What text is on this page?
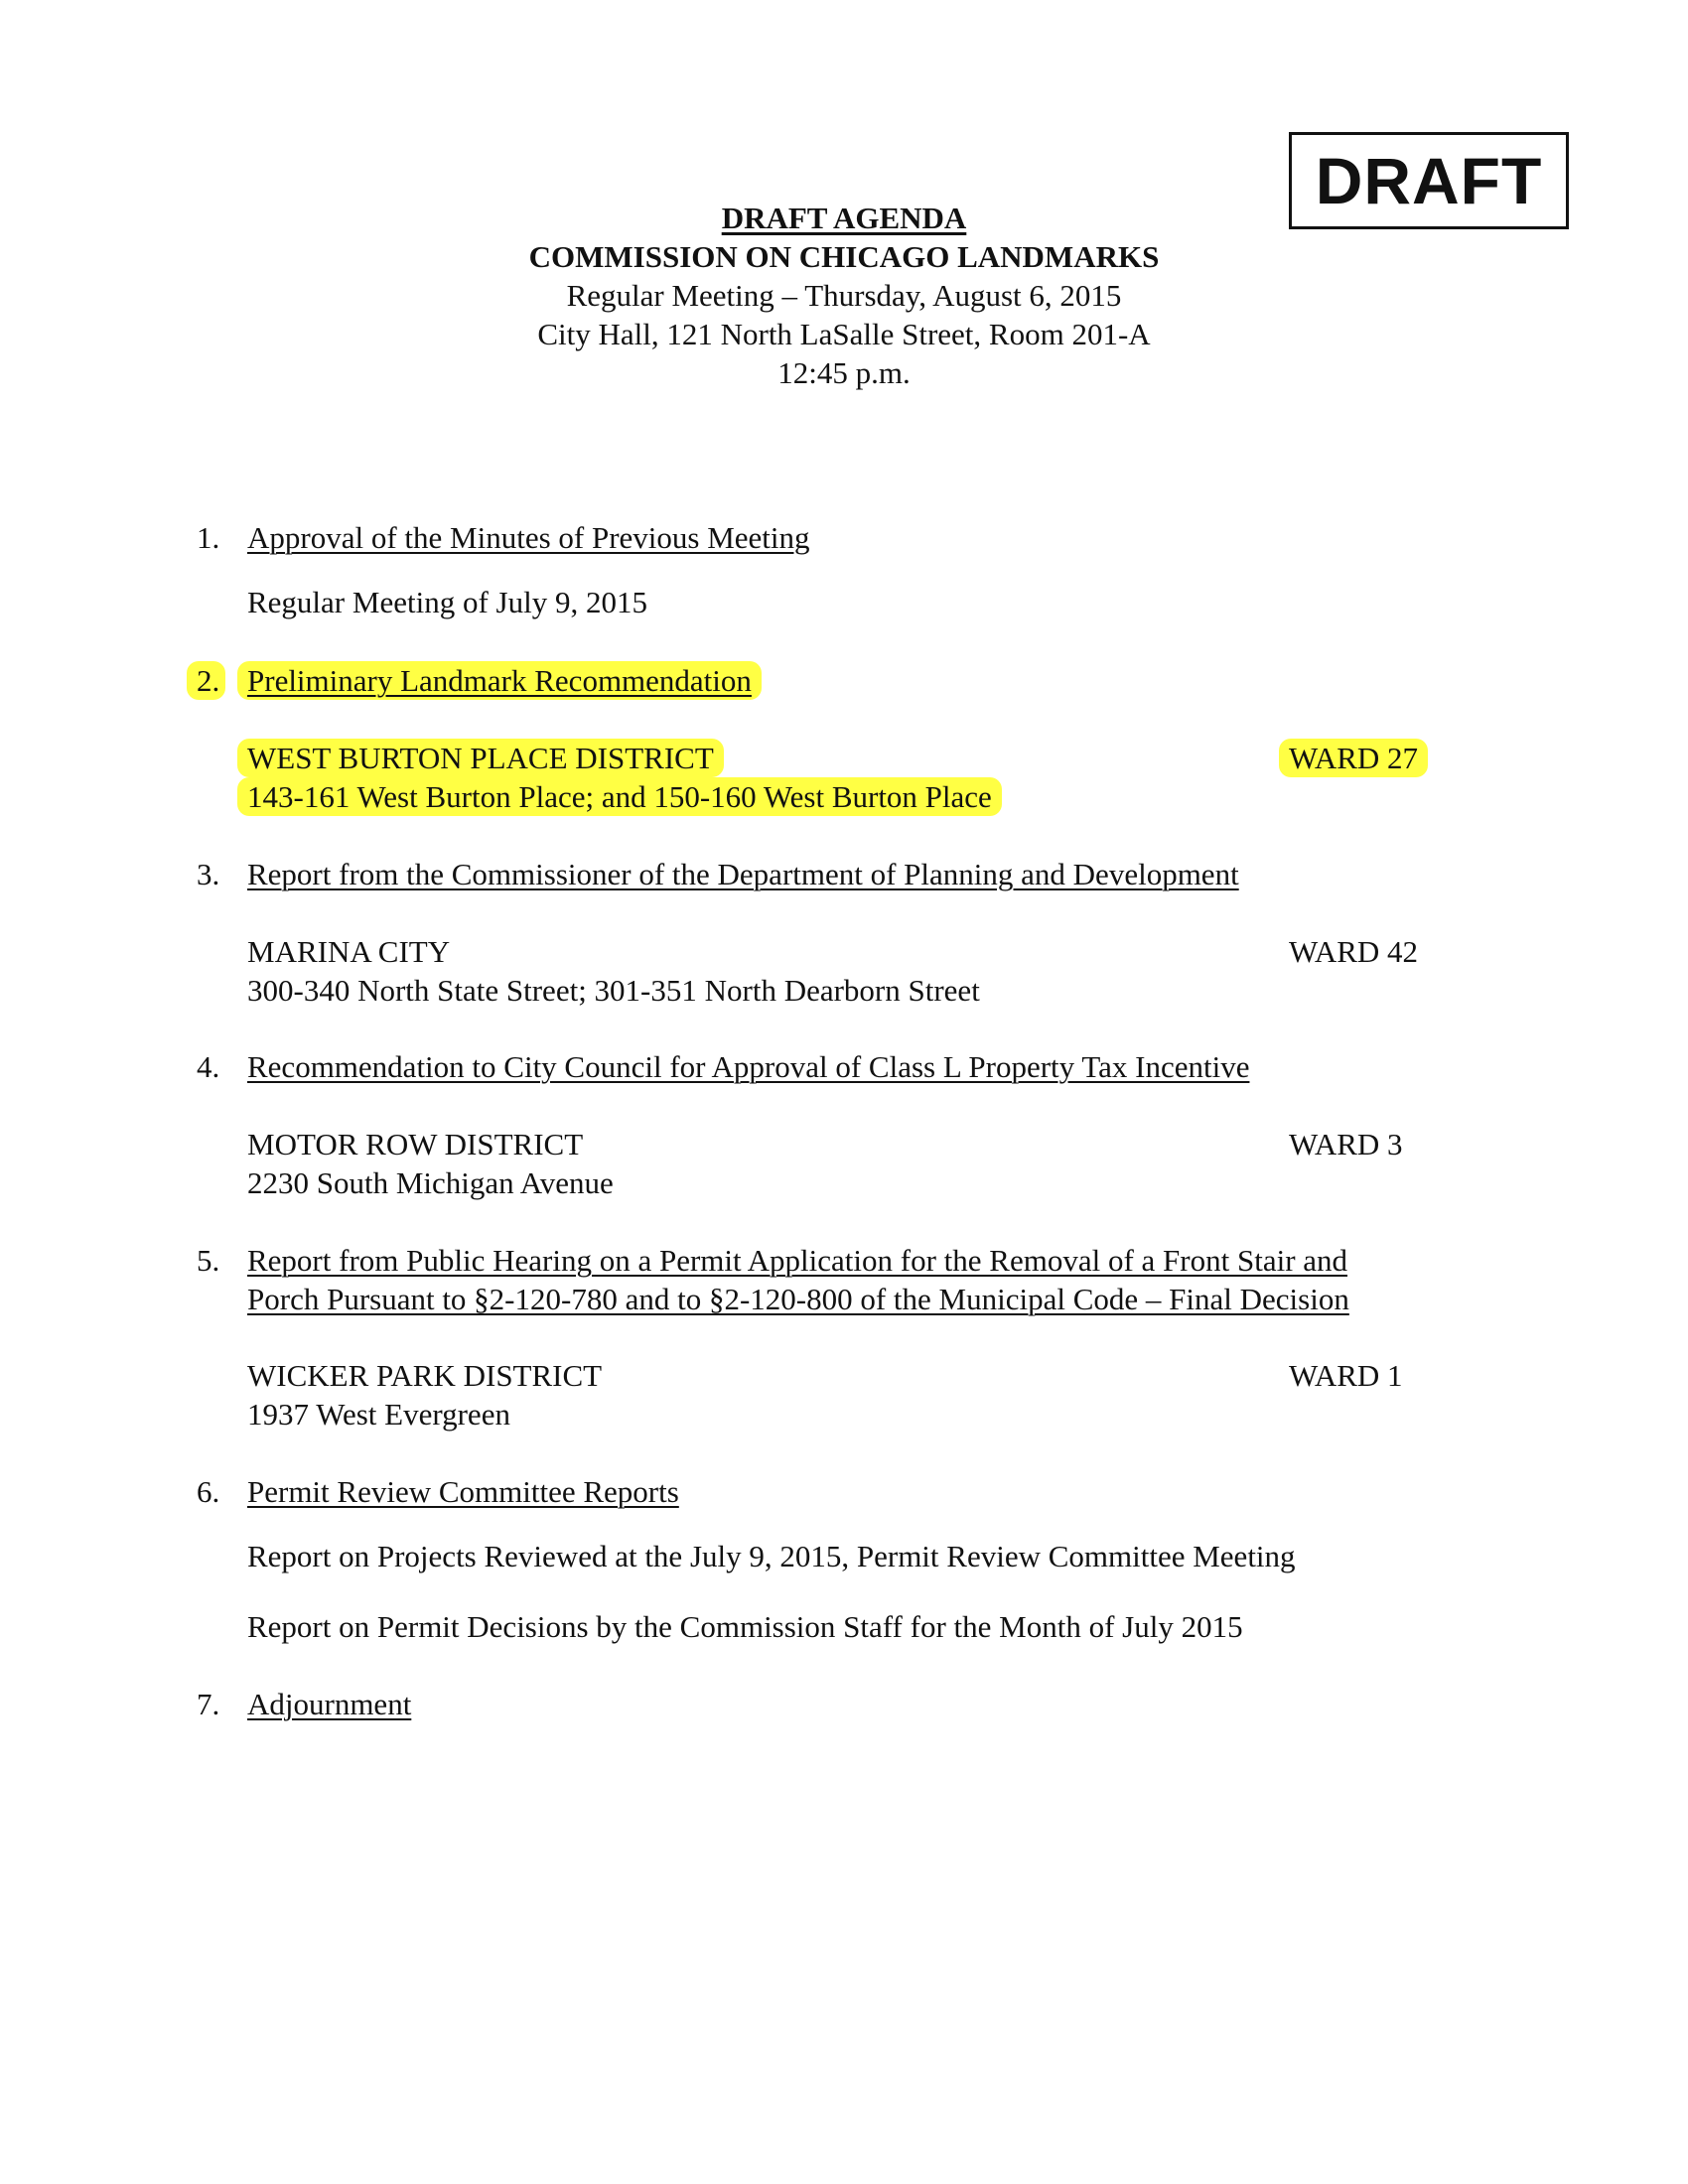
DRAFT
DRAFT AGENDA
COMMISSION ON CHICAGO LANDMARKS
Regular Meeting – Thursday, August 6, 2015
City Hall, 121 North LaSalle Street, Room 201-A
12:45 p.m.
1. Approval of the Minutes of Previous Meeting
Regular Meeting of July 9, 2015
2. Preliminary Landmark Recommendation
WEST BURTON PLACE DISTRICT	WARD 27
143-161 West Burton Place; and 150-160 West Burton Place
3. Report from the Commissioner of the Department of Planning and Development
MARINA CITY	WARD 42
300-340 North State Street; 301-351 North Dearborn Street
4. Recommendation to City Council for Approval of Class L Property Tax Incentive
MOTOR ROW DISTRICT	WARD 3
2230 South Michigan Avenue
5. Report from Public Hearing on a Permit Application for the Removal of a Front Stair and
Porch Pursuant to §2-120-780 and to §2-120-800 of the Municipal Code – Final Decision
WICKER PARK DISTRICT	WARD 1
1937 West Evergreen
6. Permit Review Committee Reports
Report on Projects Reviewed at the July 9, 2015, Permit Review Committee Meeting
Report on Permit Decisions by the Commission Staff for the Month of July 2015
7. Adjournment
